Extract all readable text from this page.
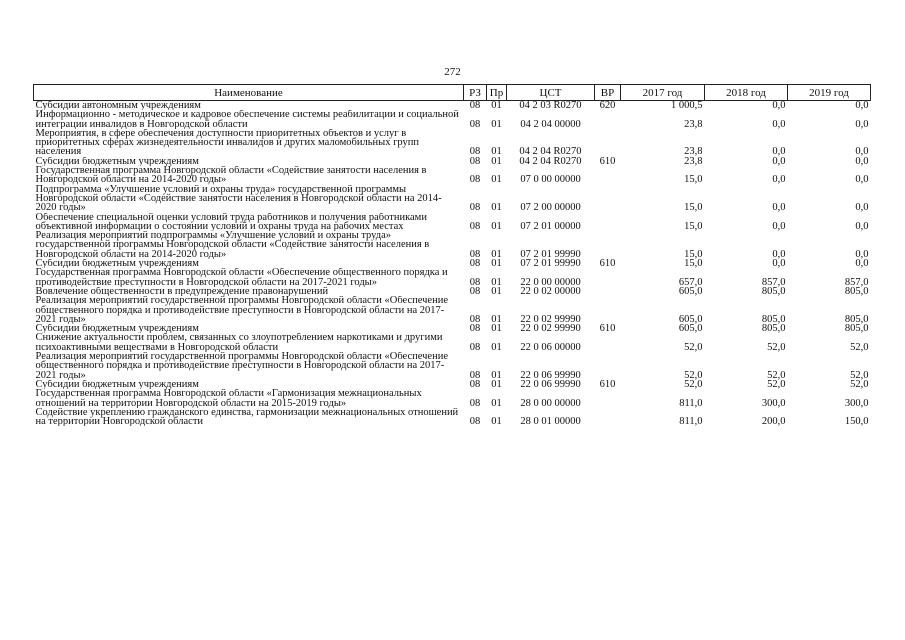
272
Наименование	РЗ	Пр	ЦСТ	ВР	2017 год	2018 год	2019 год
Субсидии автономным учреждениям	08	01	04 2 03 R0270	620	1 000,5	0,0	0,0
Информационно - методическое и кадровое обеспечение системы реабилитации и социальной интеграции инвалидов в Новгородской области	08	01	04 2 04 00000		23,8	0,0	0,0
Мероприятия, в сфере обеспечения доступности приоритетных объектов и услуг в приоритетных сферах жизнедеятельности инвалидов и других маломобильных групп населения	08	01	04 2 04 R0270		23,8	0,0	0,0
Субсидии бюджетным учреждениям	08	01	04 2 04 R0270	610	23,8	0,0	0,0
Государственная программа Новгородской области «Содействие занятости населения в Новгородской области на 2014-2020 годы»	08	01	07 0 00 00000		15,0	0,0	0,0
Подпрограмма «Улучшение условий и охраны труда» государственной программы Новгородской области «Содействие занятости населения в Новгородской области на 2014-2020 годы»	08	01	07 2 00 00000		15,0	0,0	0,0
Обеспечение специальной оценки условий труда работников и получения работниками объективной информации о состоянии условий и охраны труда на рабочих местах	08	01	07 2 01 00000		15,0	0,0	0,0
Реализация мероприятий подпрограммы «Улучшение условий и охраны труда» государственной программы Новгородской области «Содействие занятости населения в Новгородской области на 2014-2020 годы»	08	01	07 2 01 99990		15,0	0,0	0,0
Субсидии бюджетным учреждениям	08	01	07 2 01 99990	610	15,0	0,0	0,0
Государственная программа Новгородской области «Обеспечение общественного порядка и противодействие преступности в Новгородской области на 2017-2021 годы»	08	01	22 0 00 00000		657,0	857,0	857,0
Вовлечение общественности в предупреждение правонарушений	08	01	22 0 02 00000		605,0	805,0	805,0
Реализация мероприятий государственной программы Новгородской области «Обеспечение общественного порядка и противодействие преступности в Новгородской области на 2017-2021 годы»	08	01	22 0 02 99990		605,0	805,0	805,0
Субсидии бюджетным учреждениям	08	01	22 0 02 99990	610	605,0	805,0	805,0
Снижение актуальности проблем, связанных со злоупотреблением наркотиками и другими психоактивными веществами в Новгородской области	08	01	22 0 06 00000		52,0	52,0	52,0
Реализация мероприятий государственной программы Новгородской области «Обеспечение общественного порядка и противодействие преступности в Новгородской области на 2017-2021 годы»	08	01	22 0 06 99990		52,0	52,0	52,0
Субсидии бюджетным учреждениям	08	01	22 0 06 99990	610	52,0	52,0	52,0
Государственная программа Новгородской области «Гармонизация межнациональных отношений на территории Новгородской области на 2015-2019 годы»	08	01	28 0 00 00000		811,0	300,0	300,0
Содействие укреплению гражданского единства, гармонизации межнациональных отношений на территории Новгородской области	08	01	28 0 01 00000		811,0	200,0	150,0
